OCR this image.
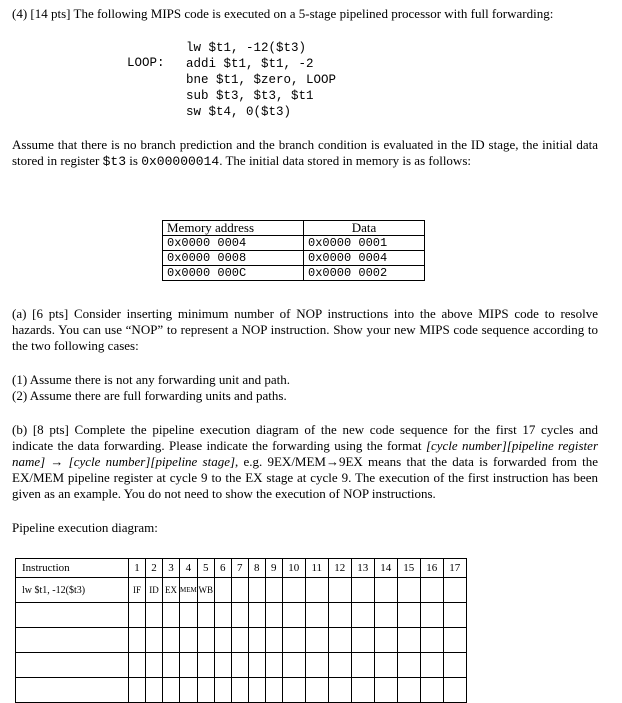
(4) [14 pts] The following MIPS code is executed on a 5-stage pipelined processor with full forwarding:
LOOP:
lw $t1, -12($t3)
addi $t1, $t1, -2
bne $t1, $zero, LOOP
sub $t3, $t3, $t1
sw $t4, 0($t3)
Assume that there is no branch prediction and the branch condition is evaluated in the ID stage, the initial data stored in register $t3 is 0x00000014. The initial data stored in memory is as follows:
Memory address	Data
0x0000 0004	0x0000 0001
0x0000 0008	0x0000 0004
0x0000 000C	0x0000 0002
(a) [6 pts] Consider inserting minimum number of NOP instructions into the above MIPS code to resolve hazards. You can use “NOP” to represent a NOP instruction. Show your new MIPS code sequence according to the two following cases:
(1) Assume there is not any forwarding unit and path.
(2) Assume there are full forwarding units and paths.
(b) [8 pts] Complete the pipeline execution diagram of the new code sequence for the first 17 cycles and indicate the data forwarding. Please indicate the forwarding using the format [cycle number][pipeline register name] → [cycle number][pipeline stage], e.g. 9EX/MEM→9EX means that the data is forwarded from the EX/MEM pipeline register at cycle 9 to the EX stage at cycle 9. The execution of the first instruction has been given as an example. You do not need to show the execution of NOP instructions.
Pipeline execution diagram:
Instruction	1	2	3	4	5	6	7	8	9	10	11	12	13	14	15	16	17
lw $t1, -12($t3)	IF	ID	EX	MEM	WB												
